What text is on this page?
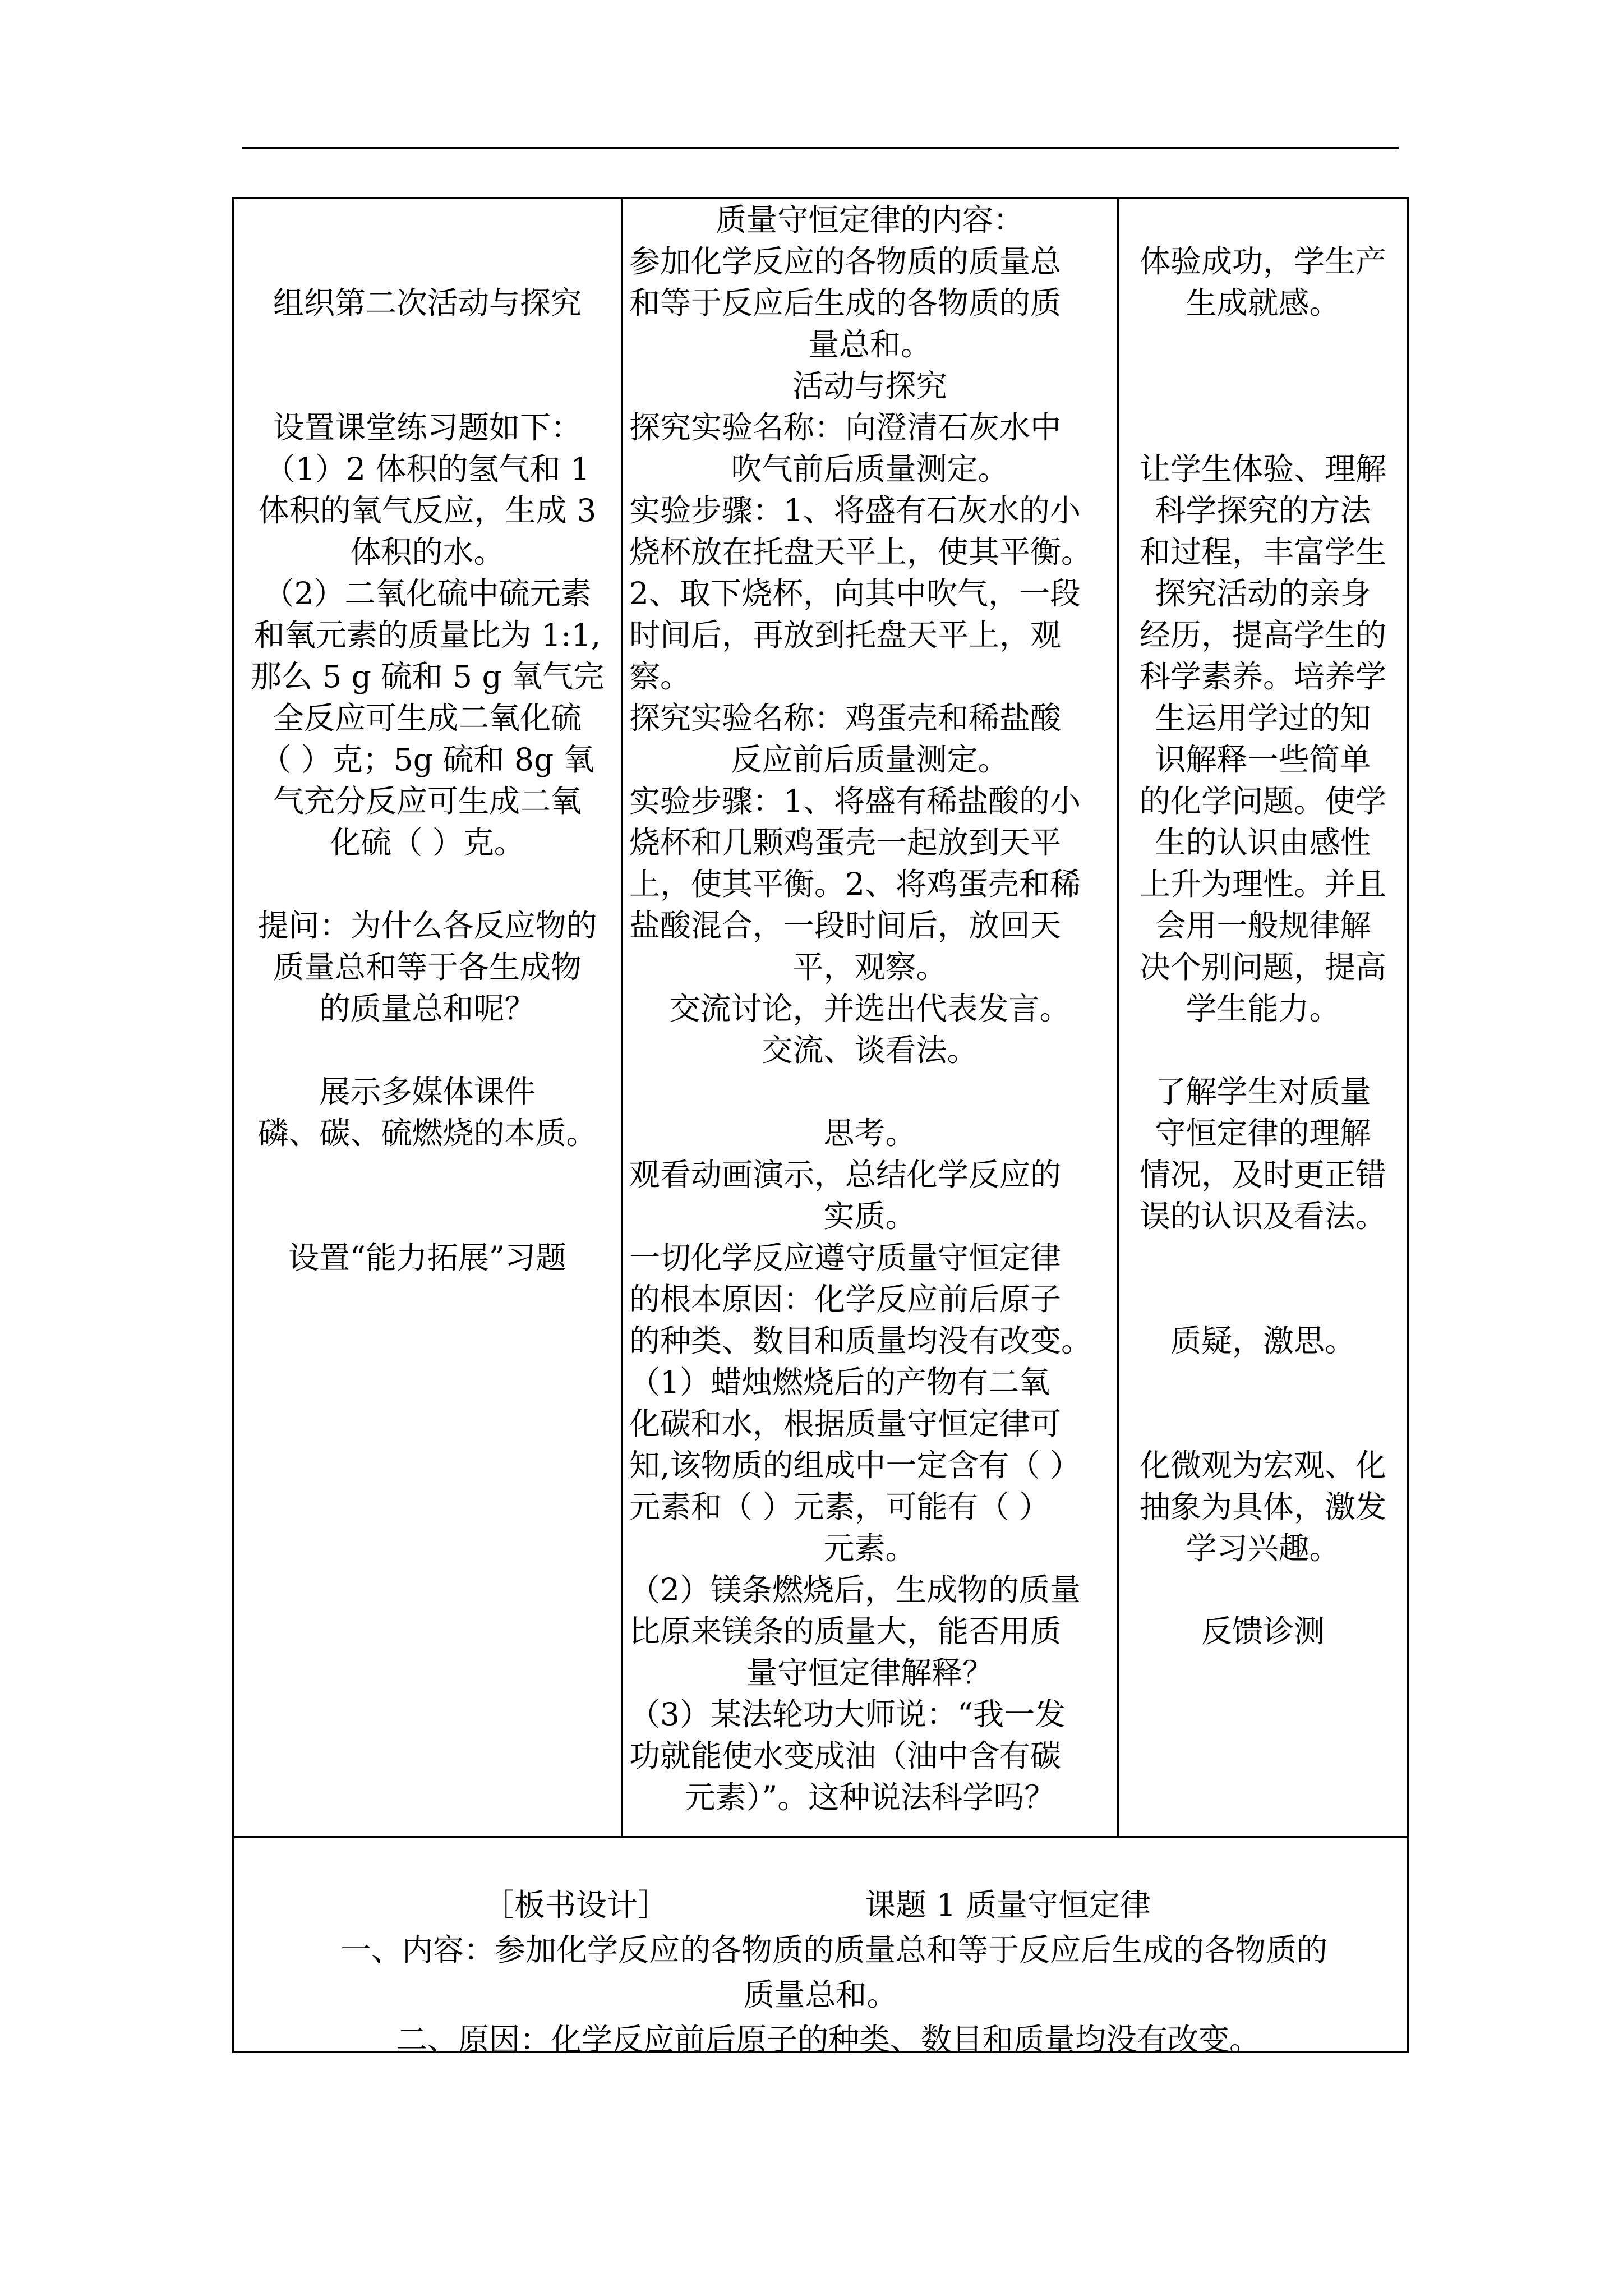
组织第二次活动与探究
设置课堂练习题如下：
（1）2 体积的氢气和 1
体积的氧气反应，生成 3
体积的水。
（2）二氧化硫中硫元素
和氧元素的质量比为 1:1,
那么 5 g 硫和 5 g 氧气完
全反应可生成二氧化硫
（ ）克；5g 硫和 8g 氧
气充分反应可生成二氧
化硫（ ）克。
提问：为什么各反应物的
质量总和等于各生成物
的质量总和呢？
展示多媒体课件
磷、碳、硫燃烧的本质。
设置“能力拓展”习题
质量守恒定律的内容：
参加化学反应的各物质的质量总
和等于反应后生成的各物质的质
量总和。
活动与探究
探究实验名称：向澄清石灰水中
吹气前后质量测定。
实验步骤：1、将盛有石灰水的小
烧杯放在托盘天平上，使其平衡。
2、取下烧杯，向其中吹气，一段
时间后，再放到托盘天平上，观察。
探究实验名称：鸡蛋壳和稀盐酸
反应前后质量测定。
实验步骤：1、将盛有稀盐酸的小
烧杯和几颗鸡蛋壳一起放到天平
上，使其平衡。2、将鸡蛋壳和稀
盐酸混合，一段时间后，放回天
平，观察。
交流讨论，并选出代表发言。
交流、谈看法。
思考。
观看动画演示，总结化学反应的
实质。
一切化学反应遵守质量守恒定律
的根本原因：化学反应前后原子
的种类、数目和质量均没有改变。
（1）蜡烛燃烧后的产物有二氧
化碳和水，根据质量守恒定律可
知,该物质的组成中一定含有（ ）
元素和（ ）元素，可能有（ ）
元素。
（2）镁条燃烧后，生成物的质量
比原来镁条的质量大，能否用质
量守恒定律解释？
（3）某法轮功大师说：“我一发
功就能使水变成油（油中含有碳
元素）”。这种说法科学吗？
体验成功，学生产
生成就感。
让学生体验、理解
科学探究的方法
和过程，丰富学生
探究活动的亲身
经历，提高学生的
科学素养。培养学
生运用学过的知
识解释一些简单
的化学问题。使学
生的认识由感性
上升为理性。并且
会用一般规律解
决个别问题，提高
学生能力。
了解学生对质量
守恒定律的理解
情况，及时更正错
误的认识及看法。
质疑，激思。
化微观为宏观、化
抽象为具体，激发
学习兴趣。
反馈诊测
［板书设计］	课题 1 质量守恒定律
一、内容：参加化学反应的各物质的质量总和等于反应后生成的各物质的
质量总和。
二、原因：化学反应前后原子的种类、数目和质量均没有改变。
